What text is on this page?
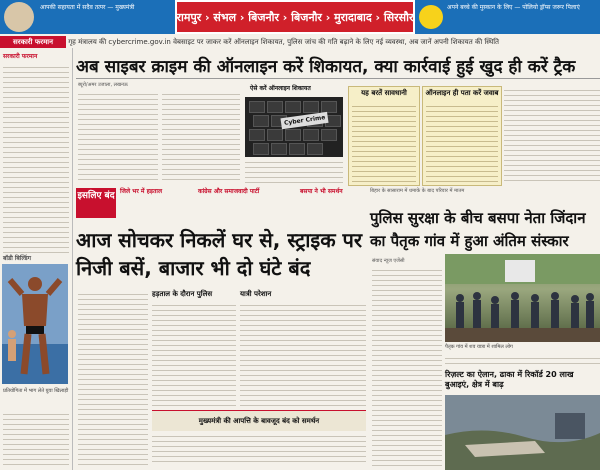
आपकी सहायता में सदैव तत्पर — मुख्यमंत्री
रामपुर › संभल › बिजनौर › बिजनौर › मुरादाबाद › सिरसौर
अपने बच्चे की मुस्कान के लिए — पोलियो ड्रॉप्स जरूर पिलाएं
सरकारी फरमान गृह मंत्रालय की cybercrime.gov.in वेबसाइट पर जाकर करें ऑनलाइन शिकायत, पुलिस जांच की गति बढ़ाने के लिए नई व्यवस्था, अब जानें अपनी शिकायत की स्थिति
सरकारी फरमान
बॉडी बिल्डिंग
प्रतियोगिता में भाग लेते युवा खिलाड़ी
अब साइबर क्राइम की ऑनलाइन करें शिकायत, क्या कार्रवाई हुई खुद ही करें ट्रैक
ब्यूरो/अमर उजाला, लखनऊ	ऐसे करें ऑनलाइन शिकायत
Cyber Crime
यह बरतें सावधानी	ऑनलाइन ही पता करें जवाब
इसलिए बंद जिले भर में हड़ताल	कांग्रेस और समाजवादी पार्टी	बसपा ने भी समर्थन
आज सोचकर निकलें घर से, स्ट्राइक पर निजी बसें, बाजार भी दो घंटे बंद
हड़ताल के दौरान पुलिस	यात्री परेशान
मुख्यमंत्री की आपत्ति के बावजूद बंद को समर्थन
बिहार के सासाराम में धमाके के बाद परिवार में मातम
पुलिस सुरक्षा के बीच बसपा नेता जिंदान का पैतृक गांव में हुआ अंतिम संस्कार
संवाद न्यूज एजेंसी
पैतृक गांव में शव यात्रा में शामिल लोग
रिज़ल्ट का ऐलान, ढाका में रिकॉर्ड 20 लाख बुआइएं, क्षेत्र में बाढ़
